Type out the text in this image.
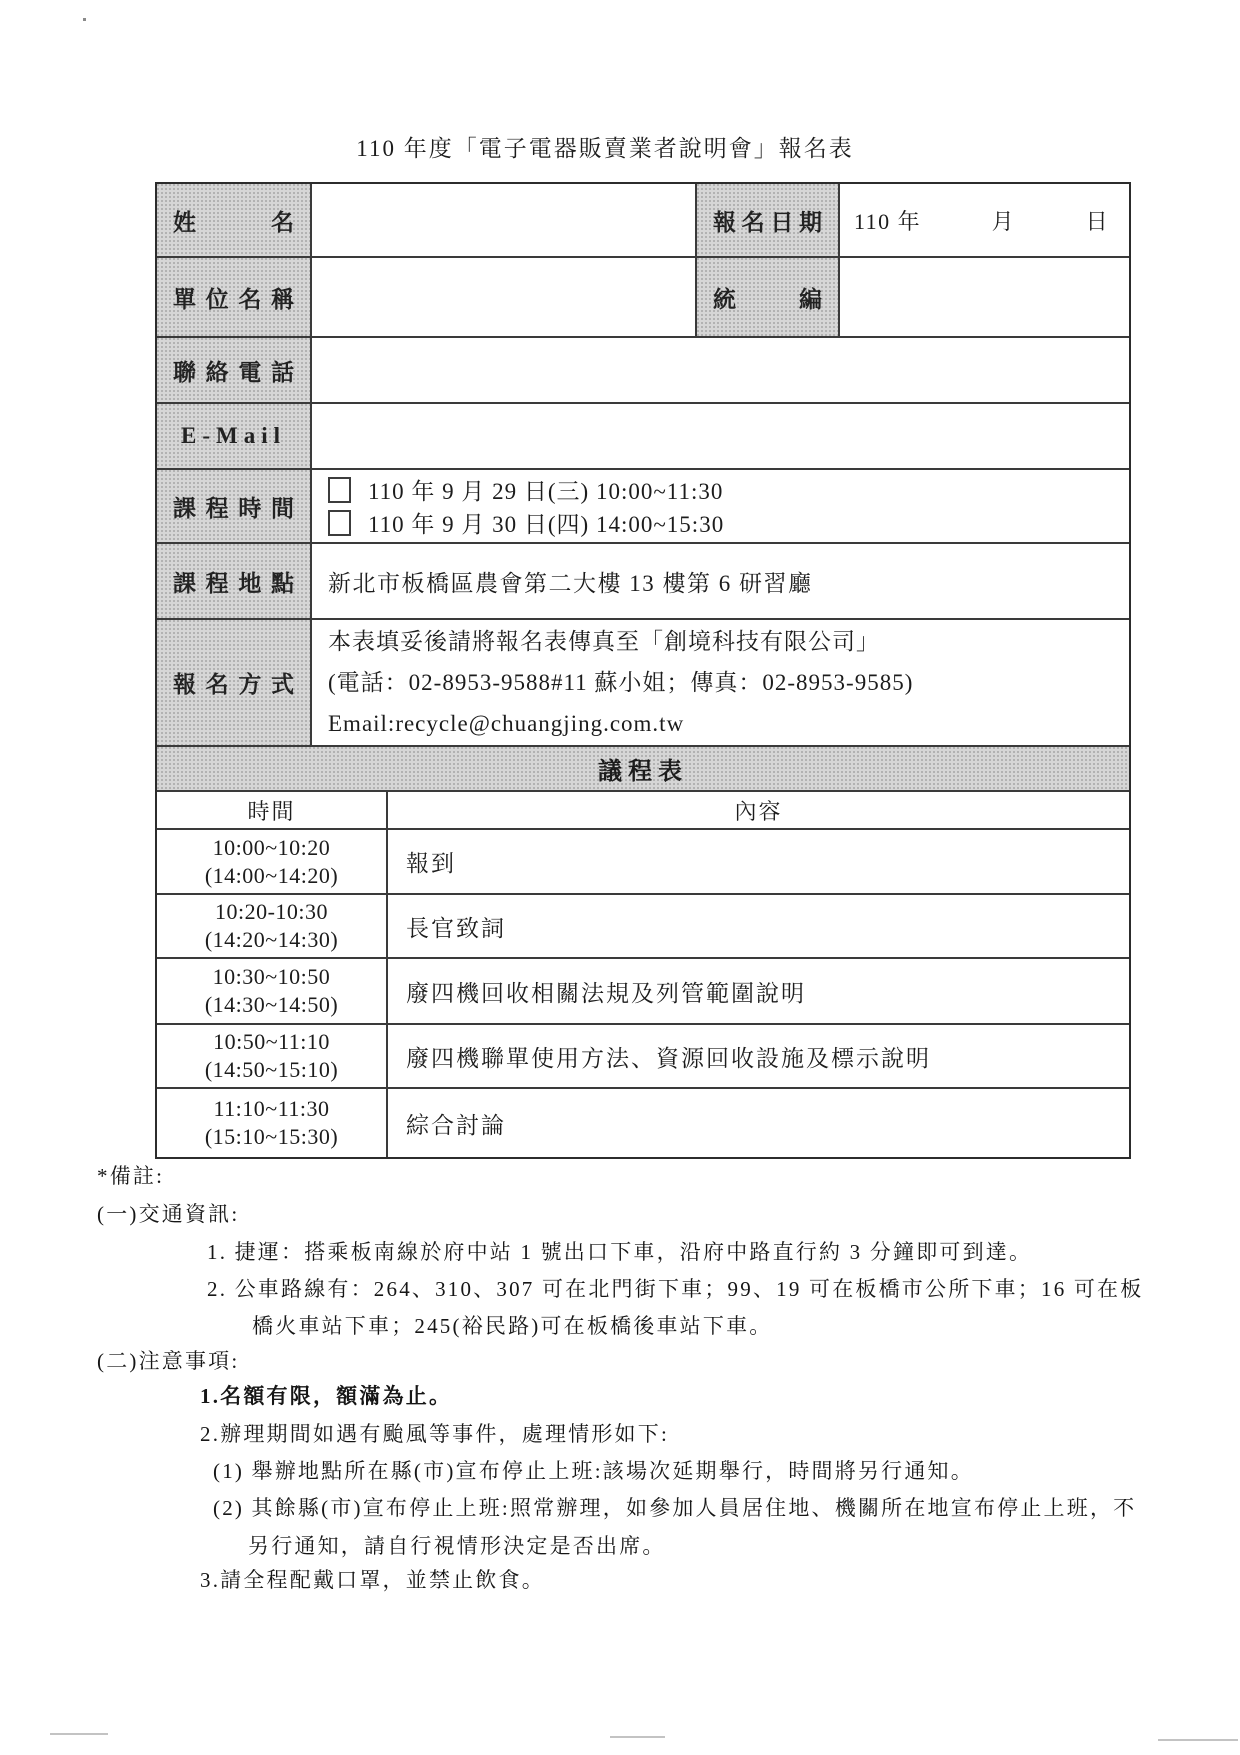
110 年度「電子電器販賣業者說明會」報名表
姓名	報名日期	110 年　　　月　　　日
單位名稱	統編
聯絡電話
E-Mail
課程時間
110 年 9 月 29 日(三) 10:00~11:30
110 年 9 月 30 日(四) 14:00~15:30
課程地點	新北市板橋區農會第二大樓 13 樓第 6 研習廳
報名方式
本表填妥後請將報名表傳真至「創境科技有限公司」
(電話：02-8953-9588#11 蘇小姐；傳真：02-8953-9585)
Email:recycle@chuangjing.com.tw
議程表
時間	內容
10:00~10:20
(14:00~14:20)	報到
10:20-10:30
(14:20~14:30)	長官致詞
10:30~10:50
(14:30~14:50)	廢四機回收相關法規及列管範圍說明
10:50~11:10
(14:50~15:10)	廢四機聯單使用方法、資源回收設施及標示說明
11:10~11:30
(15:10~15:30)	綜合討論
*備註:
(一)交通資訊:
1. 捷運：搭乘板南線於府中站 1 號出口下車，沿府中路直行約 3 分鐘即可到達。
2. 公車路線有：264、310、307 可在北門街下車；99、19 可在板橋市公所下車；16 可在板
橋火車站下車；245(裕民路)可在板橋後車站下車。
(二)注意事項:
1.名額有限，額滿為止。
2.辦理期間如遇有颱風等事件，處理情形如下:
(1) 舉辦地點所在縣(市)宣布停止上班:該場次延期舉行，時間將另行通知。
(2) 其餘縣(市)宣布停止上班:照常辦理，如參加人員居住地、機關所在地宣布停止上班，不
另行通知，請自行視情形決定是否出席。
3.請全程配戴口罩，並禁止飲食。
